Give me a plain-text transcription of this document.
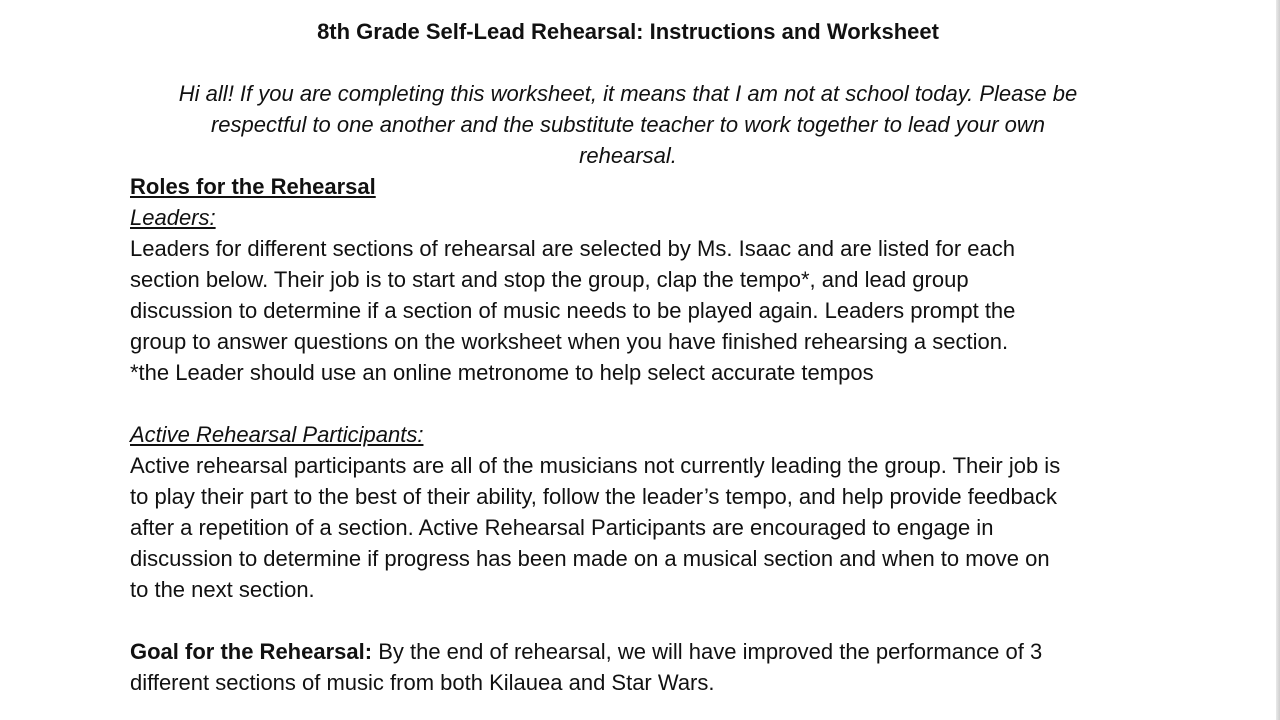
8th Grade Self-Lead Rehearsal: Instructions and Worksheet

Hi all! If you are completing this worksheet, it means that I am not at school today. Please be
respectful to one another and the substitute teacher to work together to lead your own
rehearsal.

Roles for the Rehearsal
Leaders:
Leaders for different sections of rehearsal are selected by Ms. Isaac and are listed for each
section below. Their job is to start and stop the group, clap the tempo*, and lead group
discussion to determine if a section of music needs to be played again. Leaders prompt the
group to answer questions on the worksheet when you have finished rehearsing a section.
*the Leader should use an online metronome to help select accurate tempos
Active Rehearsal Participants:
Active rehearsal participants are all of the musicians not currently leading the group. Their job is
to play their part to the best of their ability, follow the leader’s tempo, and help provide feedback
after a repetition of a section. Active Rehearsal Participants are encouraged to engage in
discussion to determine if progress has been made on a musical section and when to move on
to the next section.
Goal for the Rehearsal: By the end of rehearsal, we will have improved the performance of 3
different sections of music from both Kilauea and Star Wars.
